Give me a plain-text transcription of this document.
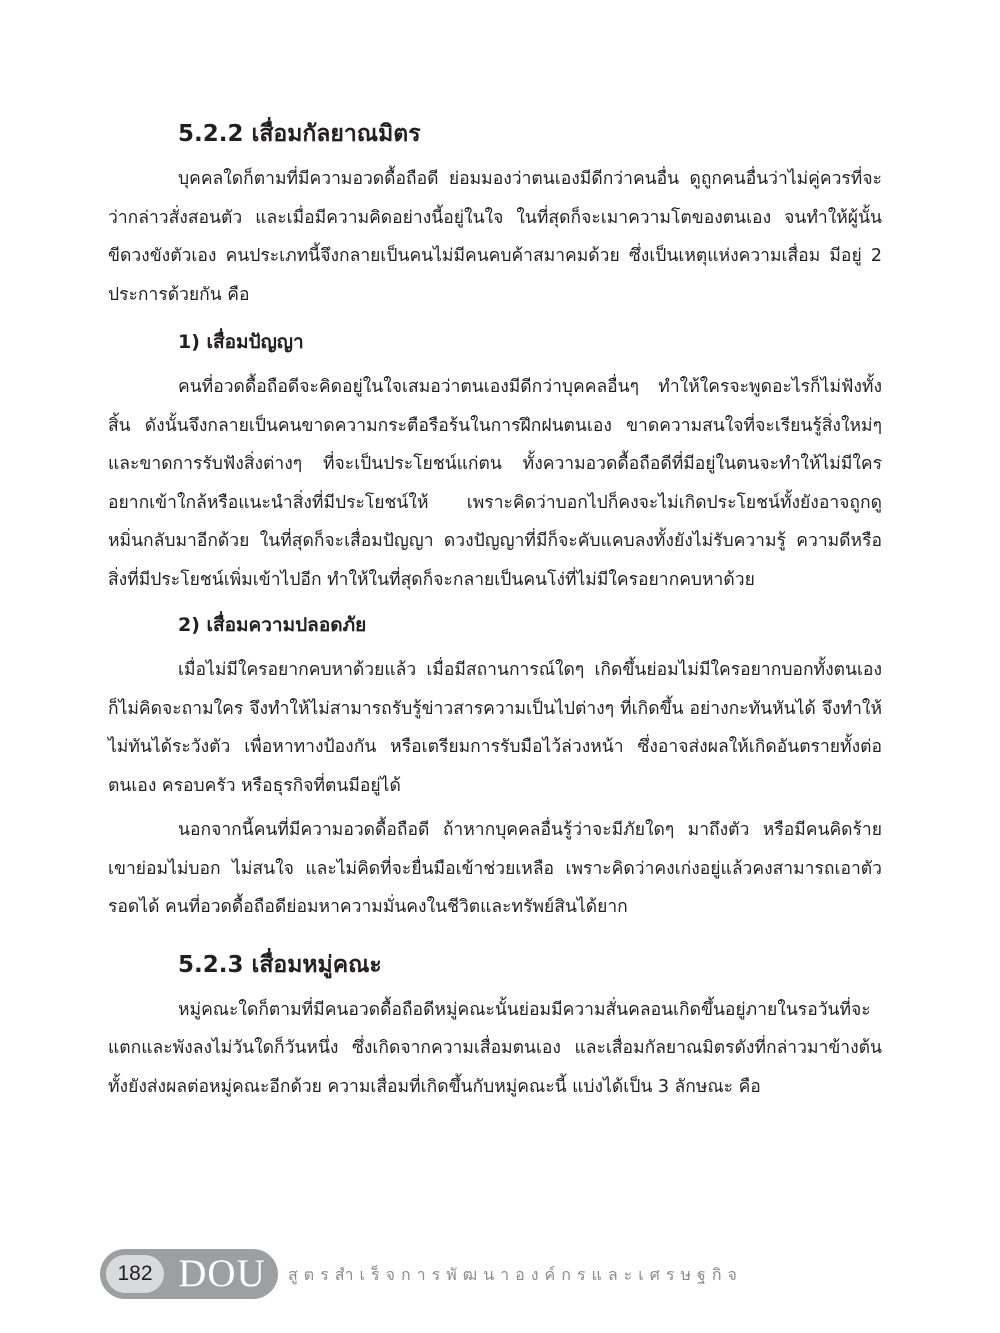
5.2.2 เสื่อมกัลยาณมิตร

บุคคลใดก็ตามที่มีความอวดดื้อถือดี ย่อมมองว่าตนเองมีดีกว่าคนอื่น ดูถูกคนอื่นว่าไม่คู่ควรที่จะว่ากล่าวสั่งสอนตัว และเมื่อมีความคิดอย่างนี้อยู่ในใจ ในที่สุดก็จะเมาความโตของตนเอง จนทำให้ผู้นั้นขีดวงขังตัวเอง คนประเภทนี้จึงกลายเป็นคนไม่มีคนคบค้าสมาคมด้วย ซึ่งเป็นเหตุแห่งความเสื่อม มีอยู่ 2 ประการด้วยกัน คือ

1) เสื่อมปัญญา

คนที่อวดดื้อถือดีจะคิดอยู่ในใจเสมอว่าตนเองมีดีกว่าบุคคลอื่นๆ ทำให้ใครจะพูดอะไรก็ไม่ฟังทั้งสิ้น ดังนั้นจึงกลายเป็นคนขาดความกระตือรือร้นในการฝึกฝนตนเอง ขาดความสนใจที่จะเรียนรู้สิ่งใหม่ๆ และขาดการรับฟังสิ่งต่างๆ ที่จะเป็นประโยชน์แก่ตน ทั้งความอวดดื้อถือดีที่มีอยู่ในตนจะทำให้ไม่มีใครอยากเข้าใกล้หรือแนะนำสิ่งที่มีประโยชน์ให้ เพราะคิดว่าบอกไปก็คงจะไม่เกิดประโยชน์ทั้งยังอาจถูกดูหมิ่นกลับมาอีกด้วย ในที่สุดก็จะเสื่อมปัญญา ดวงปัญญาที่มีก็จะคับแคบลงทั้งยังไม่รับความรู้ ความดีหรือสิ่งที่มีประโยชน์เพิ่มเข้าไปอีก ทำให้ในที่สุดก็จะกลายเป็นคนโง่ที่ไม่มีใครอยากคบหาด้วย

2) เสื่อมความปลอดภัย

เมื่อไม่มีใครอยากคบหาด้วยแล้ว เมื่อมีสถานการณ์ใดๆ เกิดขึ้นย่อมไม่มีใครอยากบอกทั้งตนเองก็ไม่คิดจะถามใคร จึงทำให้ไม่สามารถรับรู้ข่าวสารความเป็นไปต่างๆ ที่เกิดขึ้น อย่างกะทันหันได้ จึงทำให้ไม่ทันได้ระวังตัว เพื่อหาทางป้องกัน หรือเตรียมการรับมือไว้ล่วงหน้า ซึ่งอาจส่งผลให้เกิดอันตรายทั้งต่อตนเอง ครอบครัว หรือธุรกิจที่ตนมีอยู่ได้

นอกจากนี้คนที่มีความอวดดื้อถือดี ถ้าหากบุคคลอื่นรู้ว่าจะมีภัยใดๆ มาถึงตัว หรือมีคนคิดร้าย เขาย่อมไม่บอก ไม่สนใจ และไม่คิดที่จะยื่นมือเข้าช่วยเหลือ เพราะคิดว่าคงเก่งอยู่แล้วคงสามารถเอาตัวรอดได้ คนที่อวดดื้อถือดีย่อมหาความมั่นคงในชีวิตและทรัพย์สินได้ยาก

5.2.3 เสื่อมหมู่คณะ

หมู่คณะใดก็ตามที่มีคนอวดดื้อถือดีหมู่คณะนั้นย่อมมีความสั่นคลอนเกิดขึ้นอยู่ภายในรอวันที่จะแตกและพังลงไม่วันใดก็วันหนึ่ง ซึ่งเกิดจากความเสื่อมตนเอง และเสื่อมกัลยาณมิตรดังที่กล่าวมาข้างต้น ทั้งยังส่งผลต่อหมู่คณะอีกด้วย ความเสื่อมที่เกิดขึ้นกับหมู่คณะนี้ แบ่งได้เป็น 3 ลักษณะ คือ

182 DOU	สูตรสำเร็จการพัฒนาองค์กรและเศรษฐกิจ
